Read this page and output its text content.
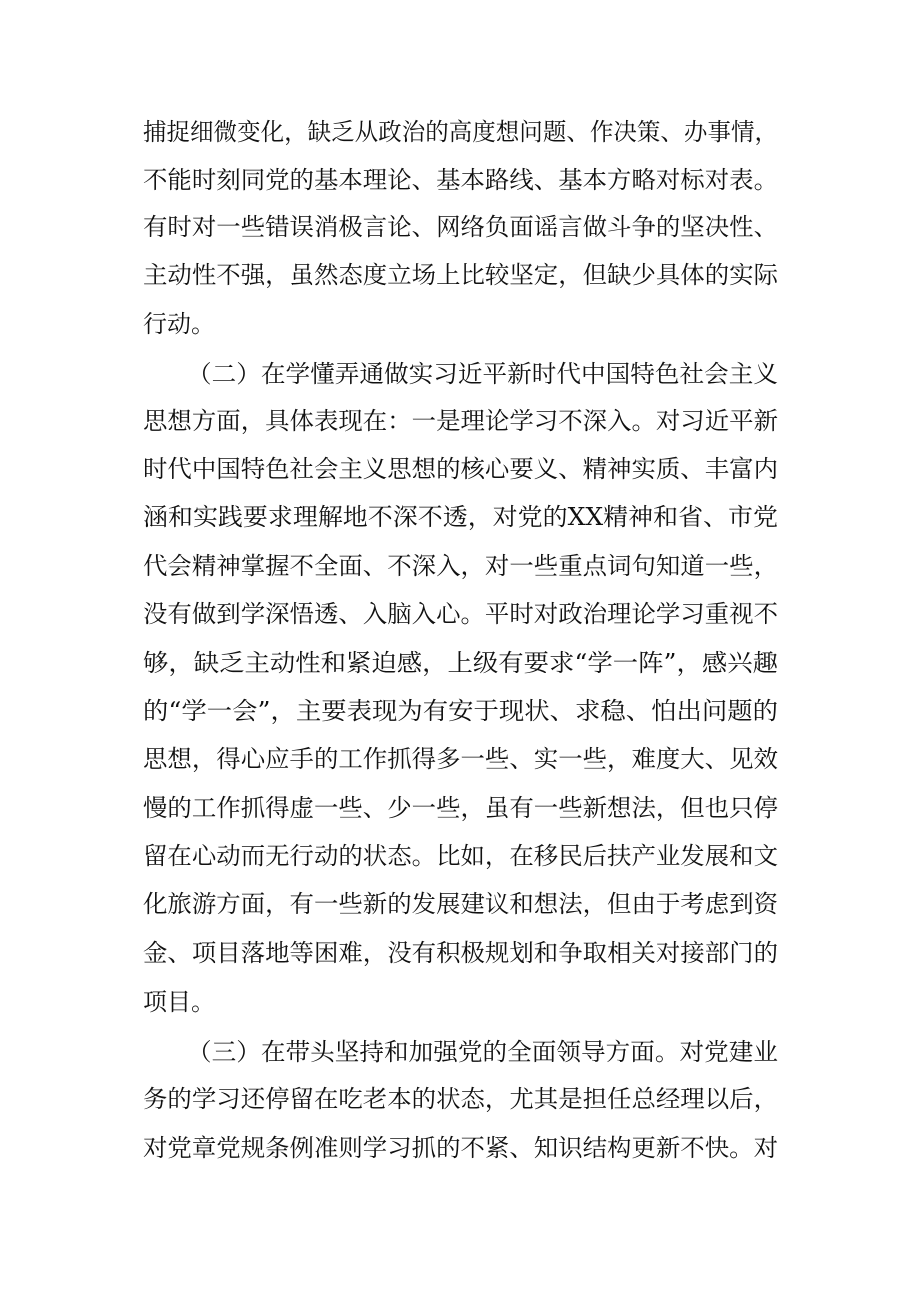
捕捉细微变化，缺乏从政治的高度想问题、作决策、办事情，
不能时刻同党的基本理论、基本路线、基本方略对标对表。
有时对一些错误消极言论、网络负面谣言做斗争的坚决性、
主动性不强，虽然态度立场上比较坚定，但缺少具体的实际
行动。
（二）在学懂弄通做实习近平新时代中国特色社会主义
思想方面，具体表现在：一是理论学习不深入。对习近平新
时代中国特色社会主义思想的核心要义、精神实质、丰富内
涵和实践要求理解地不深不透，对党的XX精神和省、市党
代会精神掌握不全面、不深入，对一些重点词句知道一些，
没有做到学深悟透、入脑入心。平时对政治理论学习重视不
够，缺乏主动性和紧迫感，上级有要求“学一阵”，感兴趣
的“学一会”，主要表现为有安于现状、求稳、怕出问题的
思想，得心应手的工作抓得多一些、实一些，难度大、见效
慢的工作抓得虚一些、少一些，虽有一些新想法，但也只停
留在心动而无行动的状态。比如，在移民后扶产业发展和文
化旅游方面，有一些新的发展建议和想法，但由于考虑到资
金、项目落地等困难，没有积极规划和争取相关对接部门的
项目。
（三）在带头坚持和加强党的全面领导方面。对党建业
务的学习还停留在吃老本的状态，尤其是担任总经理以后，
对党章党规条例准则学习抓的不紧、知识结构更新不快。对
